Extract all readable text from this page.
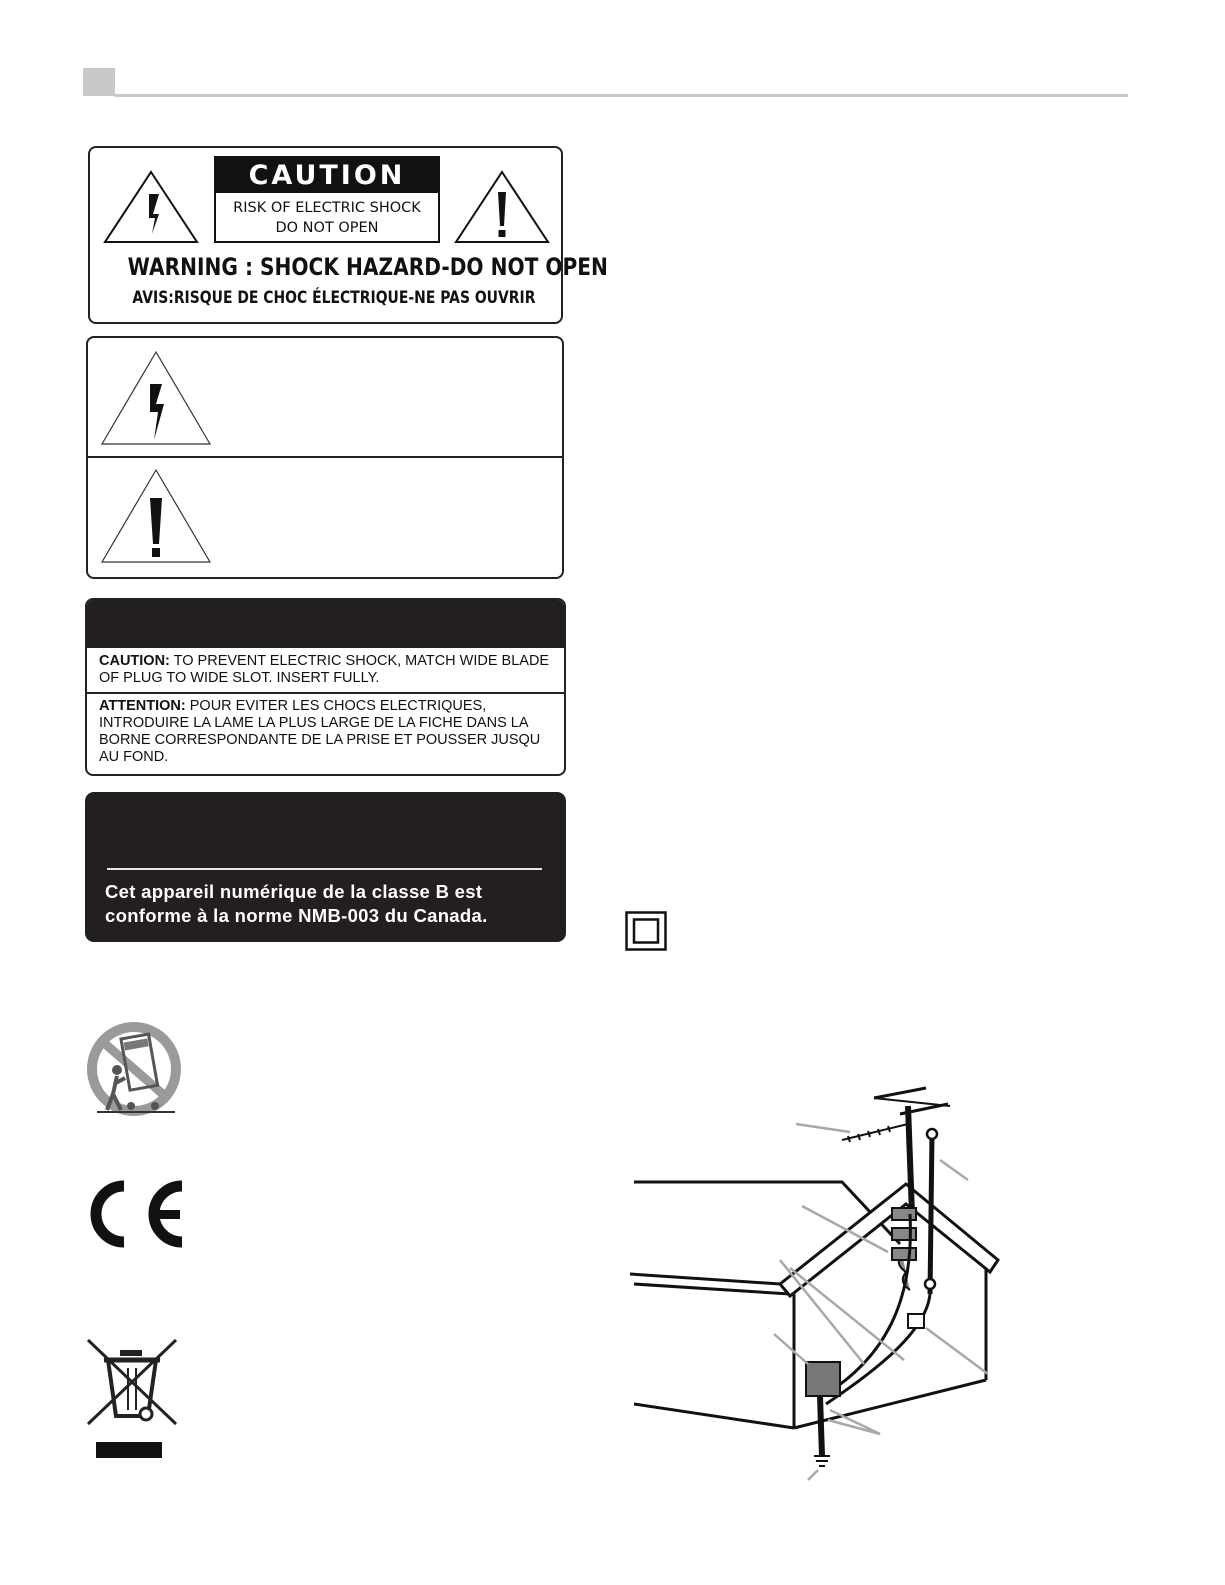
CAUTION
RISK OF ELECTRIC SHOCK
DO NOT OPEN
WARNING : SHOCK HAZARD-DO NOT OPEN
AVIS:RISQUE DE CHOC ÉLECTRIQUE-NE PAS OUVRIR
CAUTION: TO PREVENT ELECTRIC SHOCK, MATCH WIDE BLADE OF PLUG TO WIDE SLOT. INSERT FULLY.
ATTENTION: POUR EVITER LES CHOCS ELECTRIQUES, INTRODUIRE LA LAME LA PLUS LARGE DE LA FICHE DANS LA BORNE CORRESPONDANTE DE LA PRISE ET POUSSER JUSQU AU FOND.
Cet appareil numérique de la classe B est
conforme à la norme NMB-003 du Canada.
